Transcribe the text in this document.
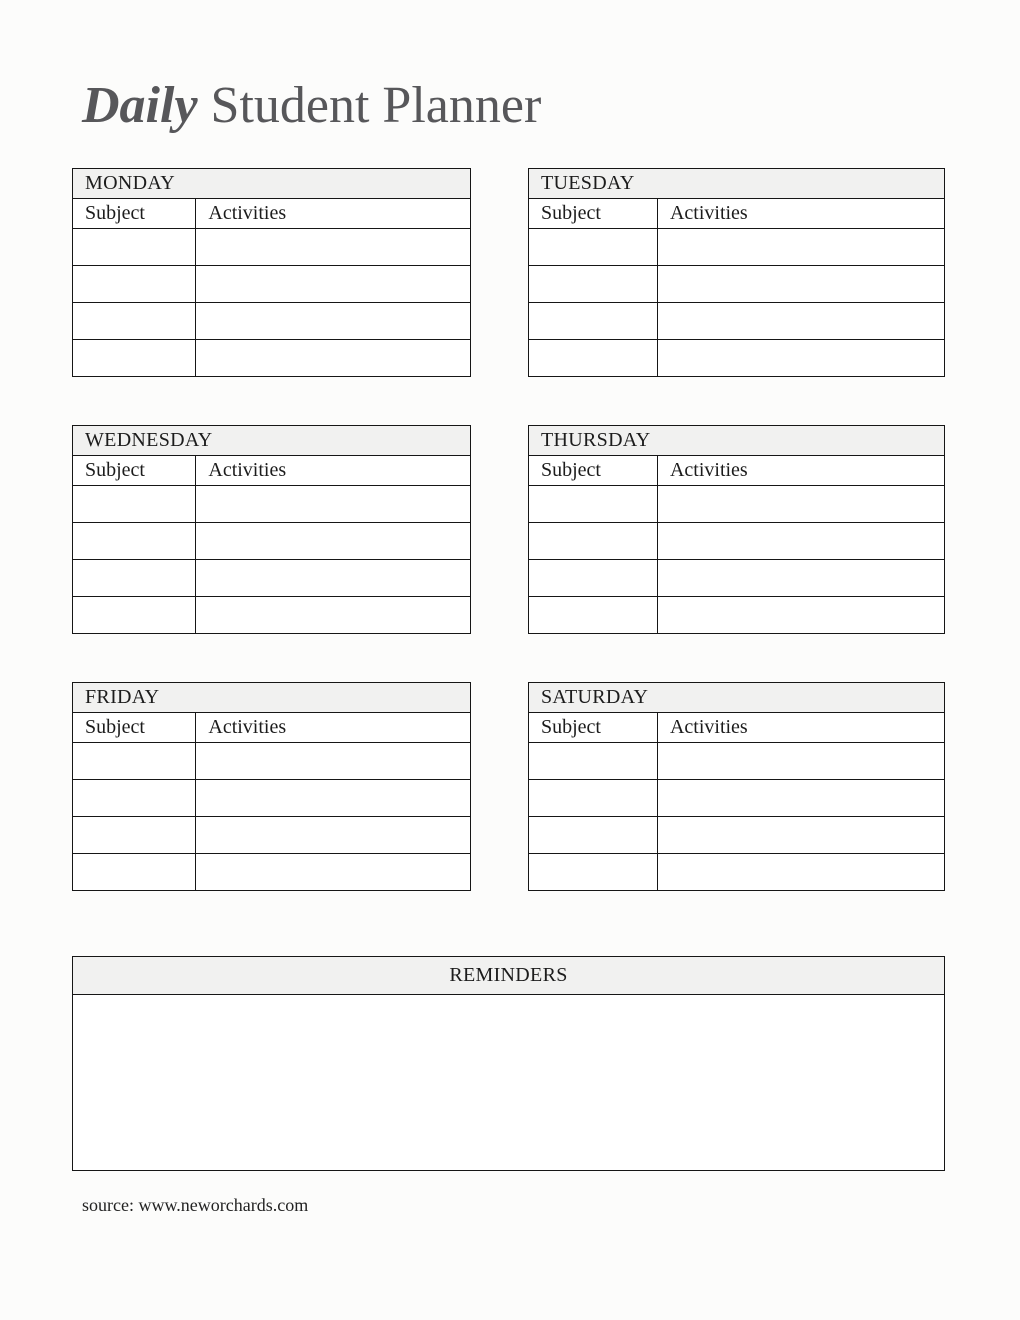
Daily Student Planner
MONDAY	
Subject	Activities

TUESDAY	
Subject	Activities

WEDNESDAY	
Subject	Activities

THURSDAY	
Subject	Activities

FRIDAY	
Subject	Activities

SATURDAY	
Subject	Activities

REMINDERS
source: www.neworchards.com
